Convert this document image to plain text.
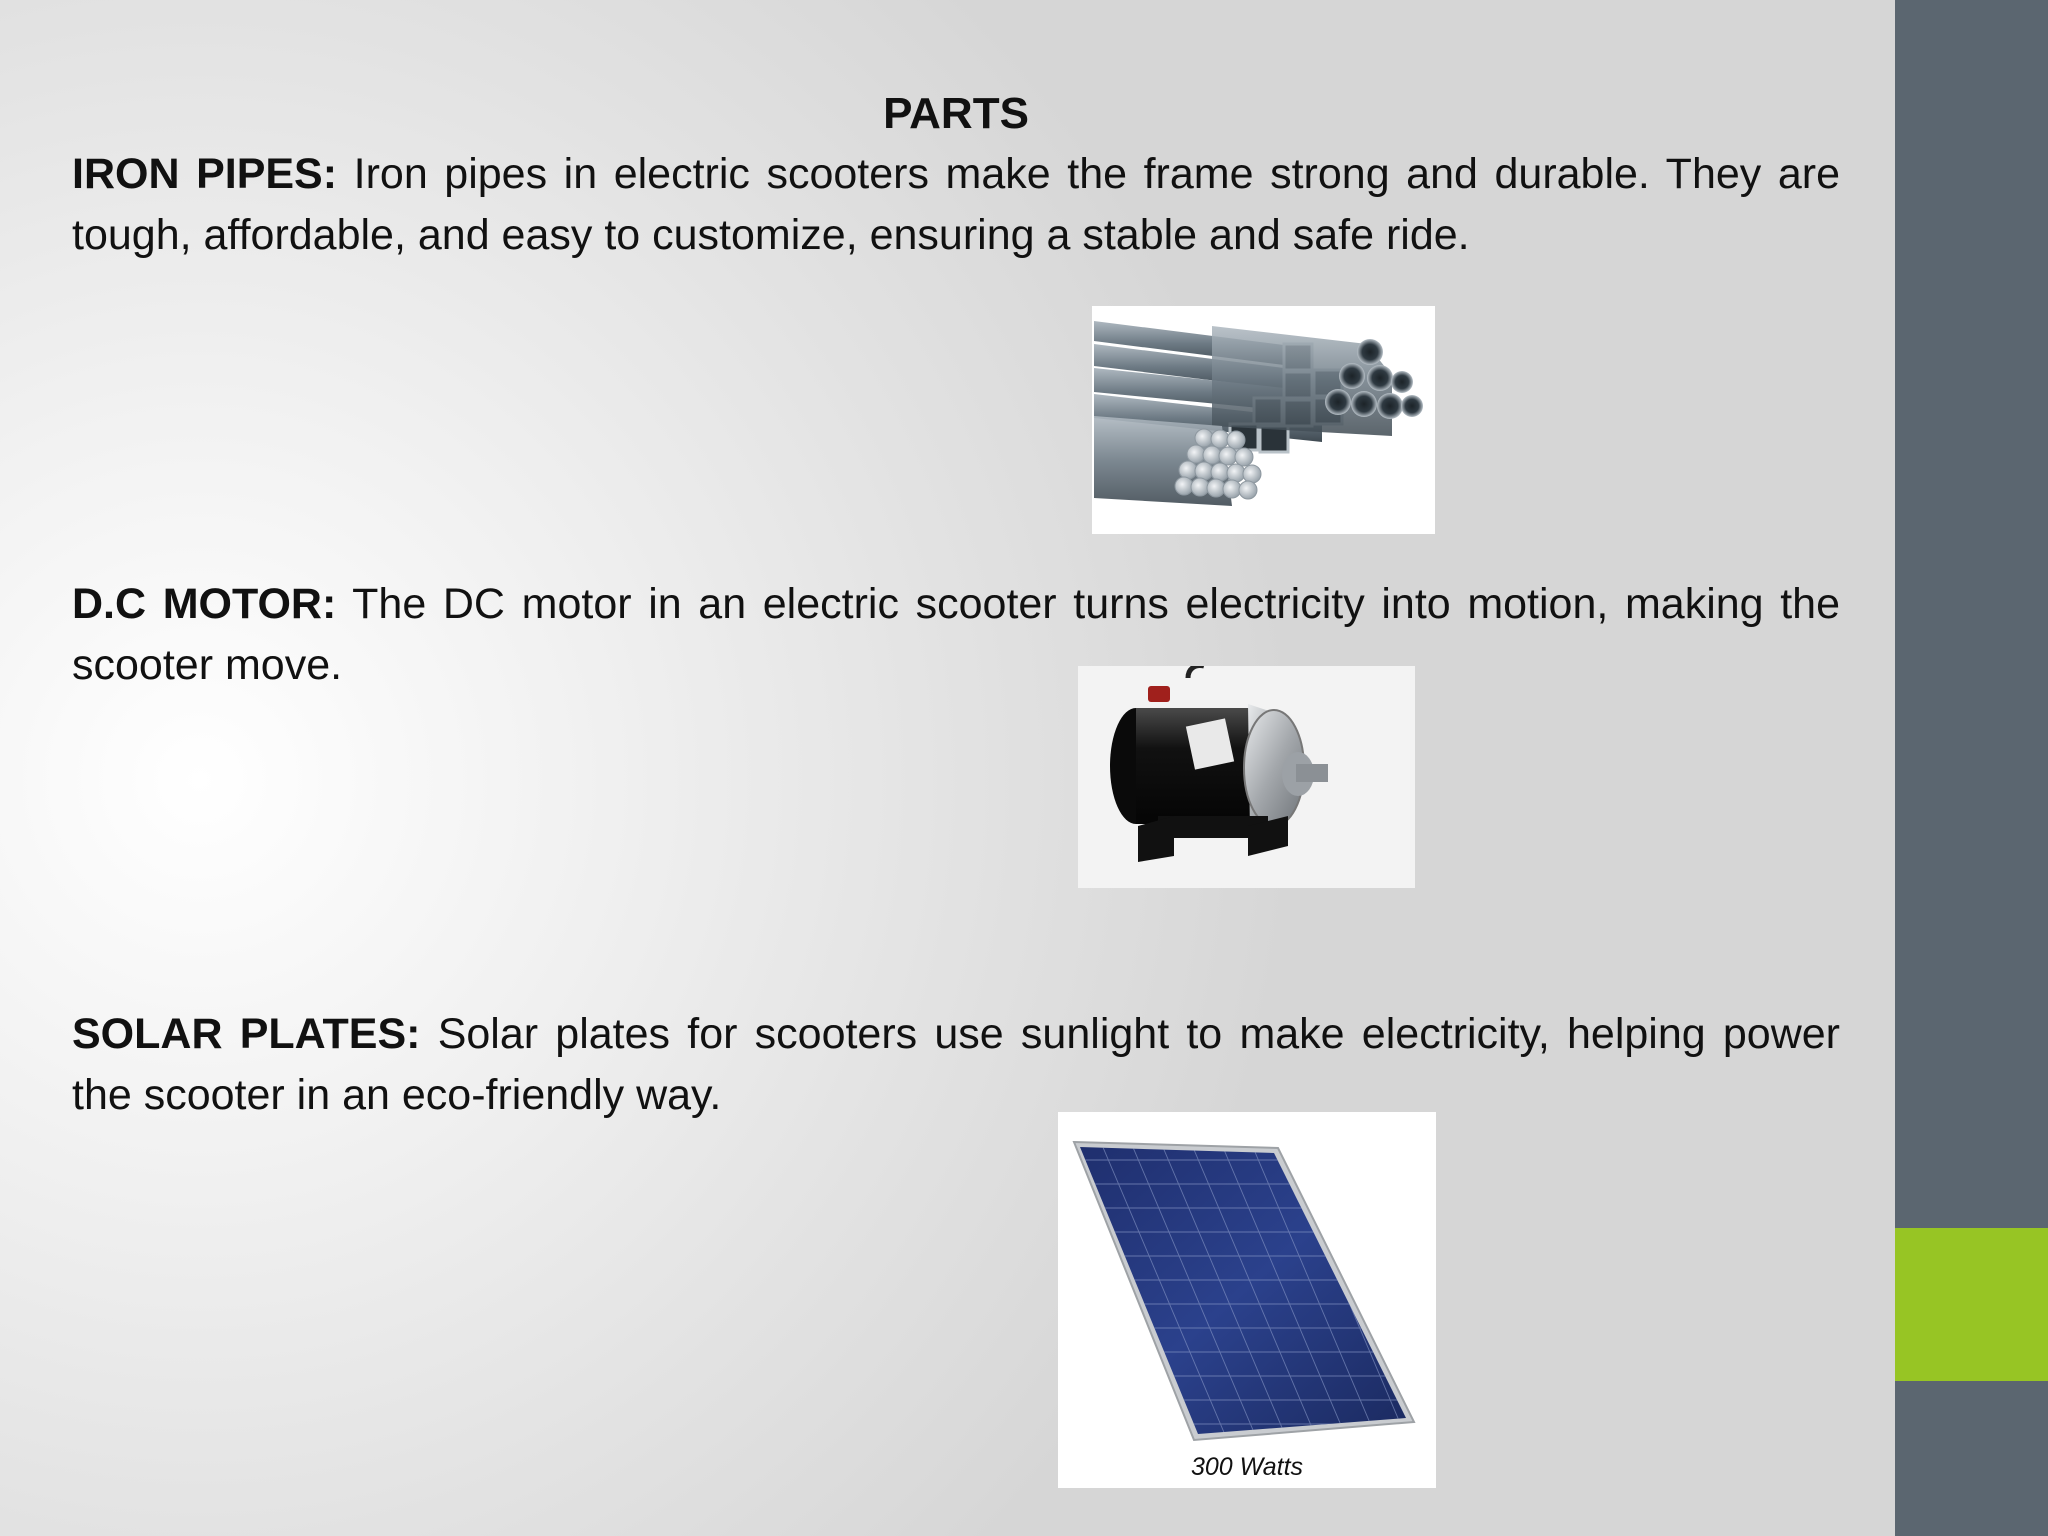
PARTS
IRON PIPES: Iron pipes in electric scooters make the frame strong and durable. They are tough, affordable, and easy to customize, ensuring a stable and safe ride.
D.C MOTOR: The DC motor in an electric scooter turns electricity into motion, making the scooter move.
SOLAR PLATES: Solar plates for scooters use sunlight to make electricity, helping power the scooter in an eco-friendly way.
300 Watts
